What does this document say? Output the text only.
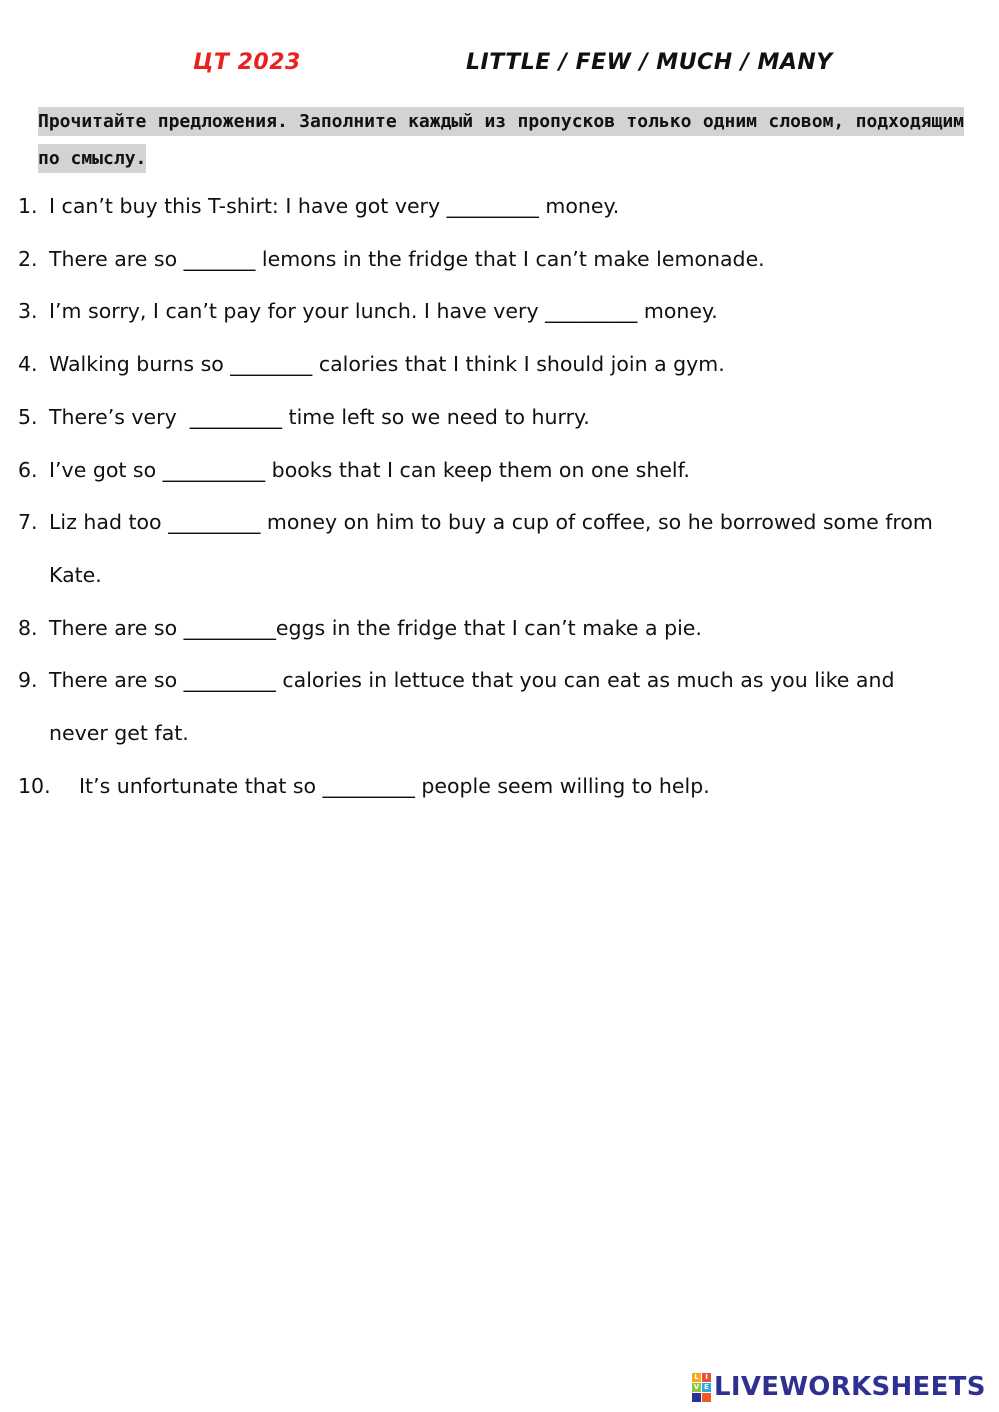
ЦТ 2023	LITTLE / FEW / MUCH / MANY
Прочитайте предложения. Заполните каждый из пропусков только одним словом, подходящим по смыслу.
1. I can’t buy this T-shirt: I have got very _________ money.
2. There are so _______ lemons in the fridge that I can’t make lemonade.
3. I’m sorry, I can’t pay for your lunch. I have very _________ money.
4. Walking burns so ________ calories that I think I should join a gym.
5. There’s very  _________ time left so we need to hurry.
6. I’ve got so __________ books that I can keep them on one shelf.
7. Liz had too _________ money on him to buy a cup of coffee, so he borrowed some from Kate.
8. There are so _________eggs in the fridge that I can’t make a pie.
9. There are so _________ calories in lettuce that you can eat as much as you like and never get fat.
10. It’s unfortunate that so _________ people seem willing to help.
L I
V E LIVEWORKSHEETS
